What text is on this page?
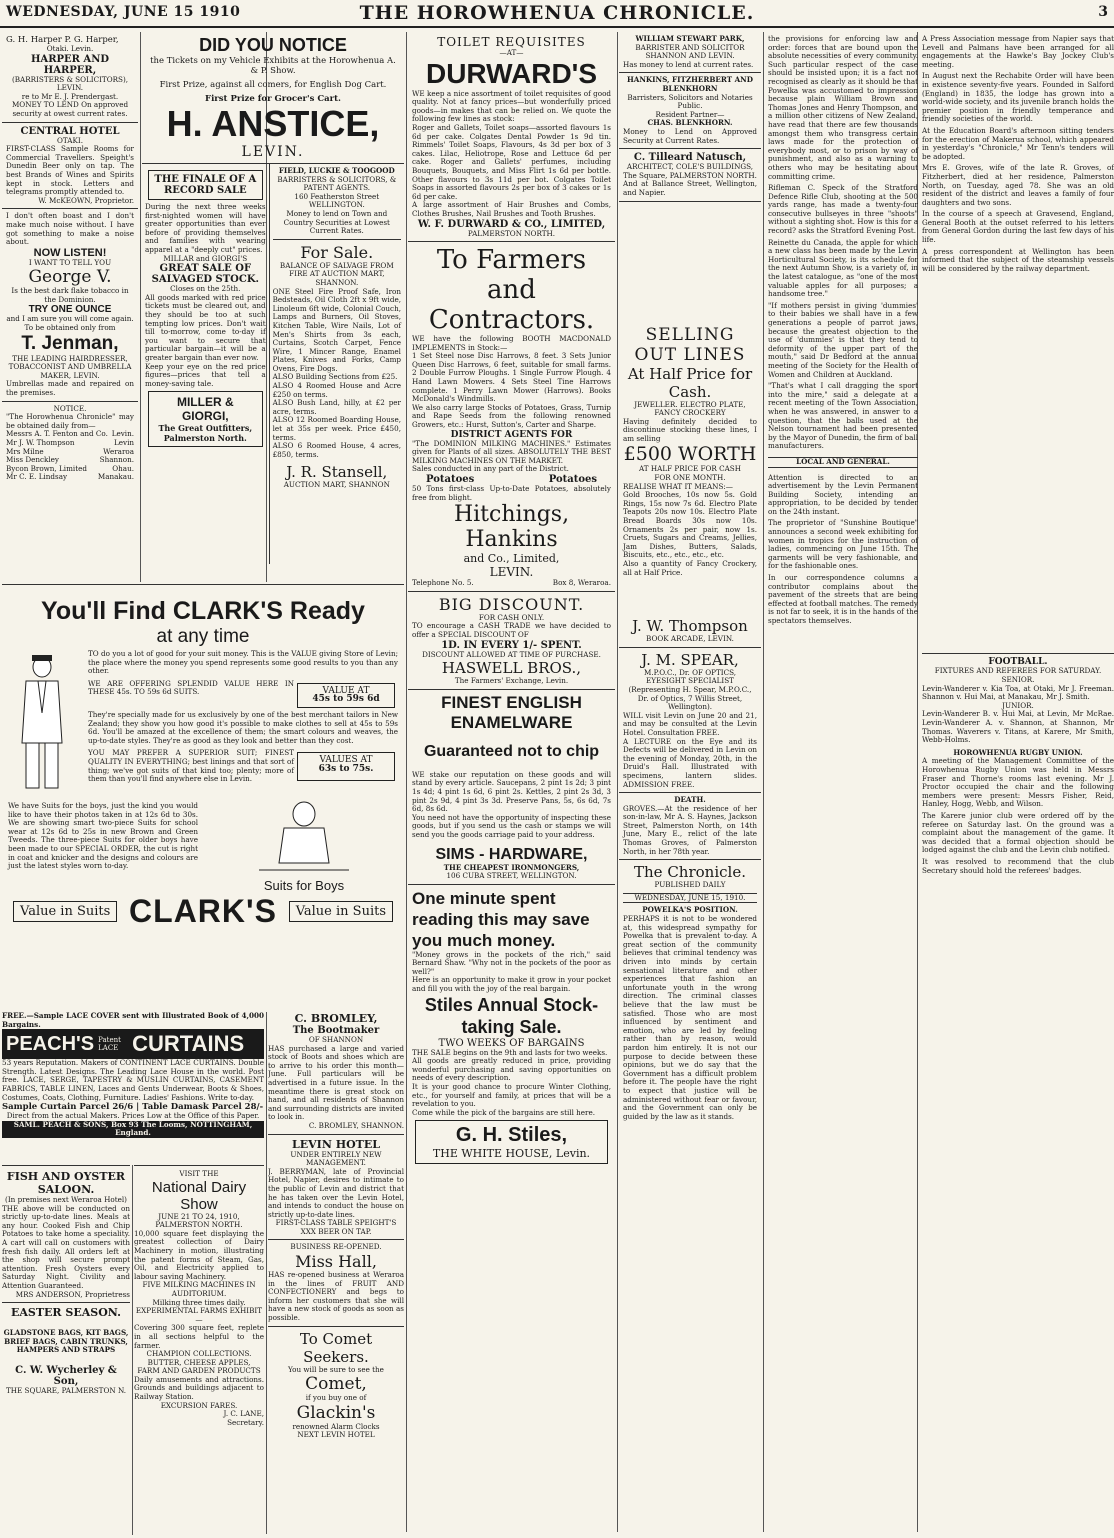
WEDNESDAY, JUNE 15 1910	THE HOROWHENUA CHRONICLE.	3
G. H. Harper P. G. Harper,
Otaki. Levin.
HARPER AND HARPER,
(BARRISTERS & SOLICITORS),
LEVIN.
re to Mr E. J. Prendergast. MONEY TO LEND On approved security at owest current rates.
CENTRAL HOTEL
OTAKI.
FIRST-CLASS Sample Rooms for Commercial Travellers. Speight's Dunedin Beer only on tap. The best Brands of Wines and Spirits kept in stock. Letters and telegrams promptly attended to.
W. McKEOWN, Proprietor.
I don't often boast and I don't make much noise without. I have got something to make a noise about.
NOW LISTEN!
I WANT TO TELL YOU
George V.
Is the best dark flake tobacco in the Dominion.
TRY ONE OUNCE
and I am sure you will come again.
To be obtained only from
T. Jenman,
THE LEADING HAIRDRESSER, TOBACCONIST AND UMBRELLA MAKER, LEVIN.
Umbrellas made and repaired on the premises.
NOTICE.
"The Horowhenua Chronicle" may be obtained daily from—
Messrs A. T. Fenton and Co. Levin.
Mr J. W. Thompson	Levin
Mrs Milne	Weraroa
Miss Denckley	Shannon.
Bycon Brown, Limited	Ohau.
Mr C. E. Lindsay	Manakau.
DID YOU NOTICE
the Tickets on my Vehicle Exhibits at the Horowhenua A. & P. Show.
First Prize, against all comers, for English Dog Cart.
First Prize for Grocer's Cart.
H. ANSTICE,
LEVIN.
THE FINALE OF A RECORD SALE
During the next three weeks first-nighted women will have greater opportunities than ever before of providing themselves and families with wearing apparel at a "deeply cut" prices.
MILLAR and GIORGI'S
GREAT SALE OF SALVAGED STOCK.
Closes on the 25th.
All goods marked with red price tickets must be cleared out, and they should be too at such tempting low prices. Don't wait till to-morrow, come to-day if you want to secure that particular bargain—it will be a greater bargain than ever now.
Keep your eye on the red price figures—prices that tell a money-saving tale.
MILLER & GIORGI,
The Great Outfitters, Palmerston North.
FIELD, LUCKIE & TOOGOOD
BARRISTERS & SOLICITORS, & PATENT AGENTS.
160 Featherston Street WELLINGTON.
Money to lend on Town and Country Securities at Lowest Current Rates.
For Sale.
BALANCE OF SALVAGE FROM FIRE AT AUCTION MART, SHANNON.
ONE Steel Fire Proof Safe, Iron Bedsteads, Oil Cloth 2ft x 9ft wide, Linoleum 6ft wide, Colonial Couch, Lamps and Burners, Oil Stoves, Kitchen Table, Wire Nails, Lot of Men's Shirts from 3s each, Curtains, Scotch Carpet, Fence Wire, 1 Mincer Range, Enamel Plates, Knives and Forks, Camp Ovens, Fire Dogs.
ALSO Building Sections from £25.
ALSO 4 Roomed House and Acre £250 on terms.
ALSO Bush Land, hilly, at £2 per acre, terms.
ALSO 12 Roomed Boarding House, let at 35s per week. Price £450, terms.
ALSO 6 Roomed House, 4 acres, £850, terms.
J. R. Stansell,
AUCTION MART, SHANNON
You'll Find CLARK'S Ready
at any time
TO do you a lot of good for your suit money. This is the VALUE giving Store of Levin; the place where the money you spend represents some good results to you than any other.
WE ARE OFFERING SPLENDID VALUE HERE IN THESE 45s. TO 59s 6d SUITS.	VALUE AT
45s to 59s 6d
They're specially made for us exclusively by one of the best merchant tailors in New Zealand; they show you how good it's possible to make clothes to sell at 45s to 59s 6d. You'll be amazed at the excellence of them; the smart colours and weaves, the up-to-date styles. They're as good as they look and better than they cost.
YOU MAY PREFER A SUPERIOR SUIT; FINEST QUALITY IN EVERYTHING; best linings and that sort of thing; we've got suits of that kind too; plenty; more of them than you'll find anywhere else in Levin.
VALUES AT
63s to 75s.
We have Suits for the boys, just the kind you would like to have their photos taken in at 12s 6d to 30s. We are showing smart two-piece Suits for school wear at 12s 6d to 25s in new Brown and Green Tweeds. The three-piece Suits for older boys have been made to our SPECIAL ORDER, the cut is right in coat and knicker and the designs and colours are just the latest styles worn to-day.
Suits for Boys
Value in Suits CLARK'S	Value in Suits
FREE.—Sample LACE COVER sent with Illustrated Book of 4,000 Bargains.
PEACH'S Patent LACE CURTAINS
53 years Reputation. Makers of CONTINENT LACE CURTAINS. Double Strength. Latest Designs. The Leading Lace House in the world. Post free. LACE, SERGE, TAPESTRY & MUSLIN CURTAINS, CASEMENT FABRICS, TABLE LINEN, Laces and Gents Underwear, Boots & Shoes, Costumes, Coats, Clothing, Furniture. Ladies' Fashions. Write to-day.
Sample Curtain Parcel 26/6 | Table Damask Parcel 28/-
Direct from the actual Makers. Prices Low at the Office of this Paper.
SAML. PEACH & SONS, Box 93 The Looms, NOTTINGHAM, England.
FISH AND OYSTER SALOON.
(In premises next Weraroa Hotel)
THE above will be conducted on strictly up-to-date lines. Meals at any hour. Cooked Fish and Chip Potatoes to take home a speciality. A cart will call on customers with fresh fish daily. All orders left at the shop will secure prompt attention. Fresh Oysters every Saturday Night. Civility and Attention Guaranteed.
MRS ANDERSON, Proprietress
EASTER SEASON.
GLADSTONE BAGS, KIT BAGS, BRIEF BAGS, CABIN TRUNKS, HAMPERS AND STRAPS
C. W. Wycherley & Son,
THE SQUARE, PALMERSTON N.
VISIT THE
National Dairy Show
JUNE 21 TO 24, 1910, PALMERSTON NORTH.
10,000 square feet displaying the greatest collection of Dairy Machinery in motion, illustrating the patent forms of Steam, Gas, Oil, and Electricity applied to labour saving Machinery.
FIVE MILKING MACHINES IN AUDITORIUM.
Milking three times daily.
EXPERIMENTAL FARMS EXHIBIT—
Covering 300 square feet, replete in all sections helpful to the farmer.
CHAMPION COLLECTIONS.
BUTTER, CHEESE APPLES,
FARM AND GARDEN PRODUCTS
Daily amusements and attractions. Grounds and buildings adjacent to Railway Station.
EXCURSION FARES.
J. C. LANE,
Secretary.
C. BROMLEY,
The Bootmaker
OF SHANNON
HAS purchased a large and varied stock of Boots and shoes which are to arrive to his order this month—June. Full particulars will be advertised in a future issue. In the meantime there is great stock on hand, and all residents of Shannon and surrounding districts are invited to look in.
C. BROMLEY, SHANNON.
LEVIN HOTEL
UNDER ENTIRELY NEW MANAGEMENT.
J. BERRYMAN, late of Provincial Hotel, Napier, desires to intimate to the public of Levin and district that he has taken over the Levin Hotel, and intends to conduct the house on strictly up-to-date lines.
FIRST-CLASS TABLE SPEIGHT'S XXX BEER ON TAP.
BUSINESS RE-OPENED.
Miss Hall,
HAS re-opened business at Weraroa in the lines of FRUIT AND CONFECTIONERY and begs to inform her customers that she will have a new stock of goods as soon as possible.
To Comet Seekers.
You will be sure to see the
Comet,
if you buy one of
Glackin's
renowned Alarm Clocks
NEXT LEVIN HOTEL
TOILET REQUISITES
—AT—
DURWARD'S
WE keep a nice assortment of toilet requisites of good quality. Not at fancy prices—but wonderfully priced goods—in makes that can be relied on. We quote the following few lines as stock:
Roger and Gallets, Toilet soaps—assorted flavours 1s 6d per cake. Colgates Dental Powder 1s 9d tin. Rimmels' Toilet Soaps, Flavours, 4s 3d per box of 3 cakes. Lilac, Heliotrope, Rose and Lettuce 6d per cake. Roger and Gallets' perfumes, including Bouquets, Bouquets, and Miss Flirt 1s 6d per bottle. Other flavours to 3s 11d per bot. Colgates Toilet Soaps in assorted flavours 2s per box of 3 cakes or 1s 6d per cake.
A large assortment of Hair Brushes and Combs, Clothes Brushes, Nail Brushes and Tooth Brushes.
W. F. DURWARD & CO., LIMITED,
PALMERSTON NORTH.
To Farmers and Contractors.
WE have the following BOOTH MACDONALD IMPLEMENTS in Stock:—
1 Set Steel nose Disc Harrows, 8 feet. 3 Sets Junior Queen Disc Harrows, 6 feet, suitable for small farms. 2 Double Furrow Ploughs. 1 Single Furrow Plough. 4 Hand Lawn Mowers. 4 Sets Steel Tine Harrows complete. 1 Perry Lawn Mower (Harrows). Books McDonald's Windmills.
We also carry large Stocks of Potatoes, Grass, Turnip and Rape Seeds from the following renowned Growers, etc.: Hurst, Sutton's, Carter and Sharpe.
DISTRICT AGENTS FOR
"The DOMINION MILKING MACHINES." Estimates given for Plants of all sizes. ABSOLUTELY THE BEST MILKING MACHINES ON THE MARKET.
Sales conducted in any part of the District.
Potatoes	Potatoes
50 Tons first-class Up-to-Date Potatoes, absolutely free from blight.
Hitchings, Hankins
and Co., Limited,
LEVIN.
Telephone No. 5.	Box 8, Weraroa.
BIG DISCOUNT.
FOR CASH ONLY.
TO encourage a CASH TRADE we have decided to offer a SPECIAL DISCOUNT OF
1D. IN EVERY 1/- SPENT.
DISCOUNT ALLOWED AT TIME OF PURCHASE.
HASWELL BROS.,
The Farmers' Exchange, Levin.
FINEST ENGLISH ENAMELWARE
Guaranteed not to chip
WE stake our reputation on these goods and will stand by every article. Saucepans, 2 pint 1s 2d; 3 pint 1s 4d; 4 pint 1s 6d, 6 pint 2s. Kettles, 2 pint 2s 3d, 3 pint 2s 9d, 4 pint 3s 3d. Preserve Pans, 5s, 6s 6d, 7s 6d, 8s 6d.
You need not have the opportunity of inspecting these goods, but if you send us the cash or stamps we will send you the goods carriage paid to your address.
SIMS - HARDWARE,
THE CHEAPEST IRONMONGERS,
106 CUBA STREET, WELLINGTON.
One minute spent reading this may save you much money.
"Money grows in the pockets of the rich," said Bernard Shaw. "Why not in the pockets of the poor as well?"
Here is an opportunity to make it grow in your pocket and fill you with the joy of the real bargain.
Stiles Annual Stock-taking Sale.
TWO WEEKS OF BARGAINS
THE SALE begins on the 9th and lasts for two weeks.
All goods are greatly reduced in price, providing wonderful purchasing and saving opportunities on needs of every description.
It is your good chance to procure Winter Clothing, etc., for yourself and family, at prices that will be a revelation to you.
Come while the pick of the bargains are still here.
G. H. Stiles,
THE WHITE HOUSE, Levin.
WILLIAM STEWART PARK,
BARRISTER AND SOLICITOR
SHANNON AND LEVIN.
Has money to lend at current rates.
HANKINS, FITZHERBERT AND BLENKHORN
Barristers, Solicitors and Notaries Public.
Resident Partner—
CHAS. BLENKHORN.
Money to Lend on Approved Security at Current Rates.
C. Tilleard Natusch,
ARCHITECT, COLE'S BUILDINGS,
The Square, PALMERSTON NORTH.
And at Ballance Street, Wellington, and Napier.
SELLING OUT LINES
At Half Price for Cash.
JEWELLER. ELECTRO PLATE, FANCY CROCKERY
Having definitely decided to discontinue stocking these lines, I am selling
£500 WORTH
AT HALF PRICE FOR CASH
FOR ONE MONTH.
REALISE WHAT IT MEANS:—
Gold Brooches, 10s now 5s. Gold Rings, 15s now 7s 6d. Electro Plate Teapots 20s now 10s. Electro Plate Bread Boards 30s now 10s. Ornaments 2s per pair, now 1s. Cruets, Sugars and Creams, Jellies, Jam Dishes, Butters, Salads, Biscuits, etc., etc., etc., etc.
Also a quantity of Fancy Crockery, all at Half Price.
J. W. Thompson
BOOK ARCADE, LEVIN.
J. M. SPEAR,
M.P.O.C., Dr. OF OPTICS, EYESIGHT SPECIALIST
(Representing H. Spear, M.P.O.C., Dr. of Optics, 7 Willis Street, Wellington).
WILL visit Levin on June 20 and 21, and may be consulted at the Levin Hotel. Consultation FREE.
A LECTURE on the Eye and its Defects will be delivered in Levin on the evening of Monday, 20th, in the Druid's Hall. Illustrated with specimens, lantern slides. ADMISSION FREE.
DEATH.
GROVES.—At the residence of her son-in-law, Mr A. S. Haynes, Jackson Street, Palmerston North, on 14th June, Mary E., relict of the late Thomas Groves, of Palmerston North, in her 78th year.
The Chronicle.
PUBLISHED DAILY
WEDNESDAY, JUNE 15, 1910.
POWELKA'S POSITION.
PERHAPS it is not to be wondered at, this widespread sympathy for Powelka that is prevalent to-day. A great section of the community believes that criminal tendency was driven into minds by certain sensational literature and other experiences that fashion an unfortunate youth in the wrong direction. The criminal classes believe that the law must be satisfied. Those who are most influenced by sentiment and emotion, who are led by feeling rather than by reason, would pardon him entirely. It is not our purpose to decide between these opinions, but we do say that the Government has a difficult problem before it. The people have the right to expect that justice will be administered without fear or favour, and the Government can only be guided by the law as it stands.
the provisions for enforcing law and order: forces that are bound upon the absolute necessities of every community. Such particular respect of the case should be insisted upon; it is a fact not recognised as clearly as it should be that Powelka was accustomed to impression because plain William Brown and Thomas Jones and Henry Thompson, and a million other citizens of New Zealand, have read that there are few thousands amongst them who transgress certain laws made for the protection of everybody most, or to prison by way of punishment, and also as a warning to others who may be hesitating about committing crime.
Rifleman C. Speck of the Stratford Defence Rifle Club, shooting at the 500 yards range, has made a twenty-four consecutive bullseyes in three "shoots" without a sighting shot. How is this for a record? asks the Stratford Evening Post.
Reinette du Canada, the apple for which a new class has been made by the Levin Horticultural Society, is its schedule for the next Autumn Show, is a variety of, in the latest catalogue, as "one of the most valuable apples for all purposes; a handsome tree."
"If mothers persist in giving 'dummies' to their babies we shall have in a few generations a people of parrot jaws, because the greatest objection to the use of 'dummies' is that they tend to deformity of the upper part of the mouth," said Dr Bedford at the annual meeting of the Society for the Health of Women and Children at Auckland.
"That's what I call dragging the sport into the mire," said a delegate at a recent meeting of the Town Association, when he was answered, in answer to a question, that the balls used at the Nelson tournament had been presented by the Mayor of Dunedin, the firm of ball manufacturers.
LOCAL AND GENERAL.
Attention is directed to an advertisement by the Levin Permanent Building Society, intending an appropriation, to be decided by tender on the 24th instant.
The proprietor of "Sunshine Boutique" announces a second week exhibiting for women in tropics for the instruction of ladies, commencing on June 15th. The garments will be very fashionable, and for the fashionable ones.
In our correspondence columns a contributor complains about the pavement of the streets that are being effected at football matches. The remedy is not far to seek, it is in the hands of the spectators themselves.
A Press Association message from Napier says that Levell and Palmans have been arranged for all engagements at the Hawke's Bay Jockey Club's meeting.
In August next the Rechabite Order will have been in existence seventy-five years. Founded in Salford (England) in 1835, the lodge has grown into a world-wide society, and its juvenile branch holds the premier position in friendly temperance and friendly societies of the world.
At the Education Board's afternoon sitting tenders for the erection of Makerua school, which appeared in yesterday's "Chronicle," Mr Tenn's tenders will be adopted.
Mrs E. Groves, wife of the late R. Groves, of Fitzherbert, died at her residence, Palmerston North, on Tuesday, aged 78. She was an old resident of the district and leaves a family of four daughters and two sons.
In the course of a speech at Gravesend, England, General Booth at the outset referred to his letters from General Gordon during the last few days of his life.
A press correspondent at Wellington has been informed that the subject of the steamship vessels will be considered by the railway department.
FOOTBALL.
FIXTURES AND REFEREES FOR SATURDAY.
SENIOR.
Levin-Wanderer v. Kia Toa, at Otaki, Mr J. Freeman. Shannon v. Hui Mai, at Manakau, Mr J. Smith.
JUNIOR.
Levin-Wanderer B. v. Hui Mai, at Levin, Mr McRae. Levin-Wanderer A. v. Shannon, at Shannon, Mr Thomas. Waverers v. Titans, at Karere, Mr Smith, Webb-Holms.
HOROWHENUA RUGBY UNION.
A meeting of the Management Committee of the Horowhenua Rugby Union was held in Messrs Fraser and Thorne's rooms last evening. Mr J. Proctor occupied the chair and the following members were present: Messrs Fisher, Reid, Hanley, Hogg, Webb, and Wilson.
The Karere junior club were ordered off by the referee on Saturday last. On the ground was a complaint about the management of the game. It was decided that a formal objection should be lodged against the club and the Levin club notified.
It was resolved to recommend that the club Secretary should hold the referees' badges.
